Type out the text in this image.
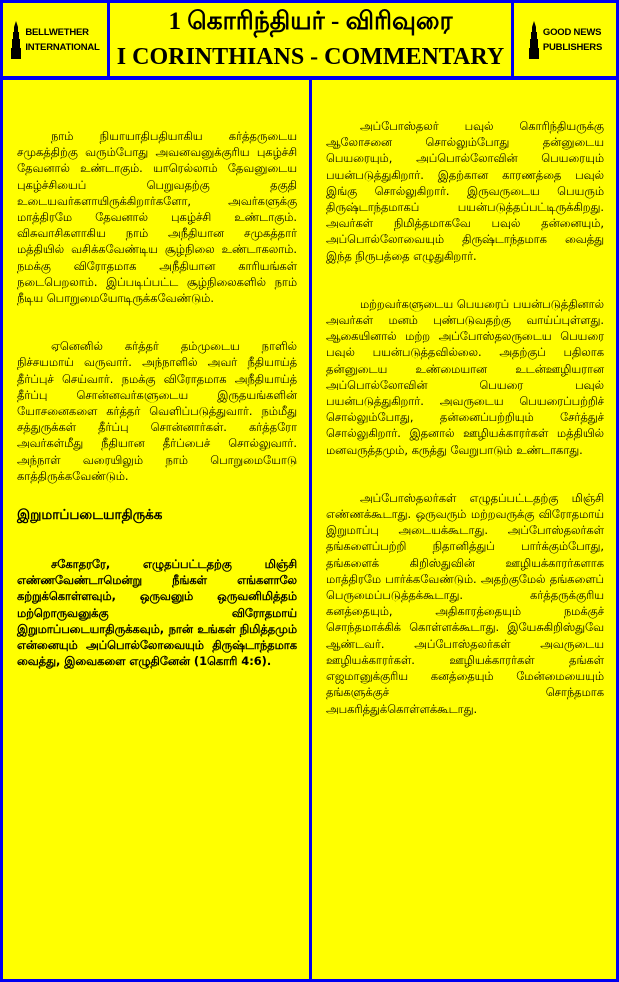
BELLWETHER
INTERNATIONAL
1 கொரிந்தியர் - விரிவுரை
I CORINTHIANS - COMMENTARY
GOOD NEWS
PUBLISHERS

நாம் நியாயாதிபதியாகிய கர்த்தருடைய சமுகத்திற்கு வரும்போது அவனவனுக்குரிய புகழ்ச்சி தேவனால் உண்டாகும். யாரெல்லாம் தேவனுடைய புகழ்ச்சியைப் பெறுவதற்கு தகுதி உடையவர்களாயிருக்கிறார்களோ, அவர்களுக்கு மாத்திரமே தேவனால் புகழ்ச்சி உண்டாகும். விசுவாசிகளாகிய நாம் அநீதியான சமுகத்தார் மத்தியில் வசிக்கவேண்டிய சூழ்நிலை உண்டாகலாம். நமக்கு விரோதமாக அநீதியான காரியங்கள் நடைபெறலாம். இப்படிப்பட்ட சூழ்நிலைகளில் நாம் நீடிய பொறுமையோடிருக்கவேண்டும்.

ஏனெனில் கர்த்தர் தம்முடைய நாளில் நிச்சயமாய் வருவார். அந்நாளில் அவர் நீதியாய்த் தீர்ப்புச் செய்வார். நமக்கு விரோதமாக அநீதியாய்த் தீர்ப்பு சொன்னவர்களுடைய இருதயங்களின் யோசனைகளை கர்த்தர் வெளிப்படுத்துவார். நம்மீது சத்துருக்கள் தீர்ப்பு சொன்னார்கள். கர்த்தரோ அவர்கள்மீது நீதியான தீர்ப்பைச் சொல்லுவார். அந்நாள் வரையிலும் நாம் பொறுமையோடு காத்திருக்கவேண்டும்.

இறுமாப்படையாதிருக்க

சகோதரரே, எழுதப்பட்டதற்கு மிஞ்சி எண்ணவேண்டாமென்று நீங்கள் எங்களாலே கற்றுக்கொள்ளவும், ஒருவனும் ஒருவனிமித்தம் மற்றொருவனுக்கு விரோதமாய் இறுமாப்படையாதிருக்கவும், நான் உங்கள் நிமித்தமும் என்னையும் அப்பொல்லோவையும் திருஷ்டாந்தமாக வைத்து, இவைகளை எழுதினேன் (1கொரி 4:6).

அப்போஸ்தலர் பவுல் கொரிந்தியருக்கு ஆலோசனை சொல்லும்போது தன்னுடைய பெயரையும், அப்பொல்லோவின் பெயரையும் பயன்படுத்துகிறார். இதற்கான காரணத்தை பவுல் இங்கு சொல்லுகிறார். இருவருடைய பெயரும் திருஷ்டாந்தமாகப் பயன்படுத்தப்பட்டிருக்கிறது. அவர்கள் நிமித்தமாகவே பவுல் தன்னையும், அப்பொல்லோவையும் திருஷ்டாந்தமாக வைத்து இந்த நிருபத்தை எழுதுகிறார்.

மற்றவர்களுடைய பெயரைப் பயன்படுத்தினால் அவர்கள் மனம் புண்படுவதற்கு வாய்ப்புள்ளது. ஆகையினால் மற்ற அப்போஸ்தலருடைய பெயரை பவுல் பயன்படுத்தவில்லை. அதற்குப் பதிலாக தன்னுடைய உண்மையான உடன்ஊழியரான அப்பொல்லோவின் பெயரை பவுல் பயன்படுத்துகிறார். அவருடைய பெயரைப்பற்றிச் சொல்லும்போது, தன்னைப்பற்றியும் சேர்த்துச் சொல்லுகிறார். இதனால் ஊழியக்காரர்கள் மத்தியில் மனவருத்தமும், கருத்து வேறுபாடும் உண்டாகாது.

அப்போஸ்தலர்கள் எழுதப்பட்டதற்கு மிஞ்சி எண்ணக்கூடாது. ஒருவரும் மற்றவருக்கு விரோதமாய் இறுமாப்பு அடையக்கூடாது. அப்போஸ்தலர்கள் தங்களைப்பற்றி நிதானித்துப் பார்க்கும்போது, தங்களைக் கிறிஸ்துவின் ஊழியக்காரர்களாக மாத்திரமே பார்க்கவேண்டும். அதற்குமேல் தங்களைப் பெருமைப்படுத்தக்கூடாது. கர்த்தருக்குரிய கனத்தையும், அதிகாரத்தையும் நமக்குச் சொந்தமாக்கிக் கொள்ளக்கூடாது. இயேசுகிறிஸ்துவே ஆண்டவர். அப்போஸ்தலர்கள் அவருடைய ஊழியக்காரர்கள். ஊழியக்காரர்கள் தங்கள் எஜமானுக்குரிய கனத்தையும் மேன்மையையும் தங்களுக்குச் சொந்தமாக அபகரித்துக்கொள்ளக்கூடாது.
